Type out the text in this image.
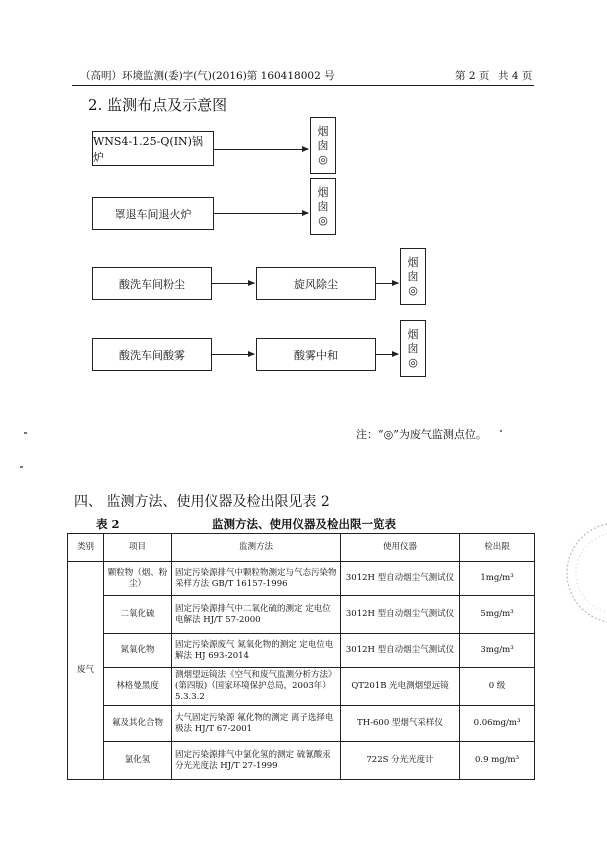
（高明）环境监测(委)字(气)(2016)第 160418002 号	第 2 页 共 4 页
2. 监测布点及示意图
WNS4-1.25-Q(IN)锅炉
烟
囱
◎
罩退车间退火炉
烟
囱
◎
酸洗车间粉尘	旋风除尘
烟
囱
◎
酸洗车间酸雾	酸雾中和
烟
囱
◎
注：“◎”为废气监测点位。
四、 监测方法、使用仪器及检出限见表 2
表 2	监测方法、使用仪器及检出限一览表
类别	项目	监测方法	使用仪器	检出限
废气	颗粒物（烟、粉尘）	固定污染源排气中颗粒物测定与气态污染物采样方法 GB/T 16157-1996	3012H 型自动烟尘气测试仪	1mg/m³
	二氧化硫	固定污染源排气中二氧化硫的测定 定电位电解法 HJ/T 57-2000	3012H 型自动烟尘气测试仪	5mg/m³
	氮氧化物	固定污染源废气 氮氧化物的测定 定电位电解法 HJ 693-2014	3012H 型自动烟尘气测试仪	3mg/m³
	林格曼黑度	测烟望远镜法《空气和废气监测分析方法》(第四版)（国家环境保护总局，2003年）5.3.3.2	QT201B 光电测烟望远镜	0 级
	氟及其化合物	大气固定污染源 氟化物的测定 离子选择电极法 HJ/T 67-2001	TH-600 型烟气采样仪	0.06mg/m³
	氯化氢	固定污染源排气中氯化氢的测定 硫氰酸汞分光光度法 HJ/T 27-1999	722S 分光光度计	0.9 mg/m³
